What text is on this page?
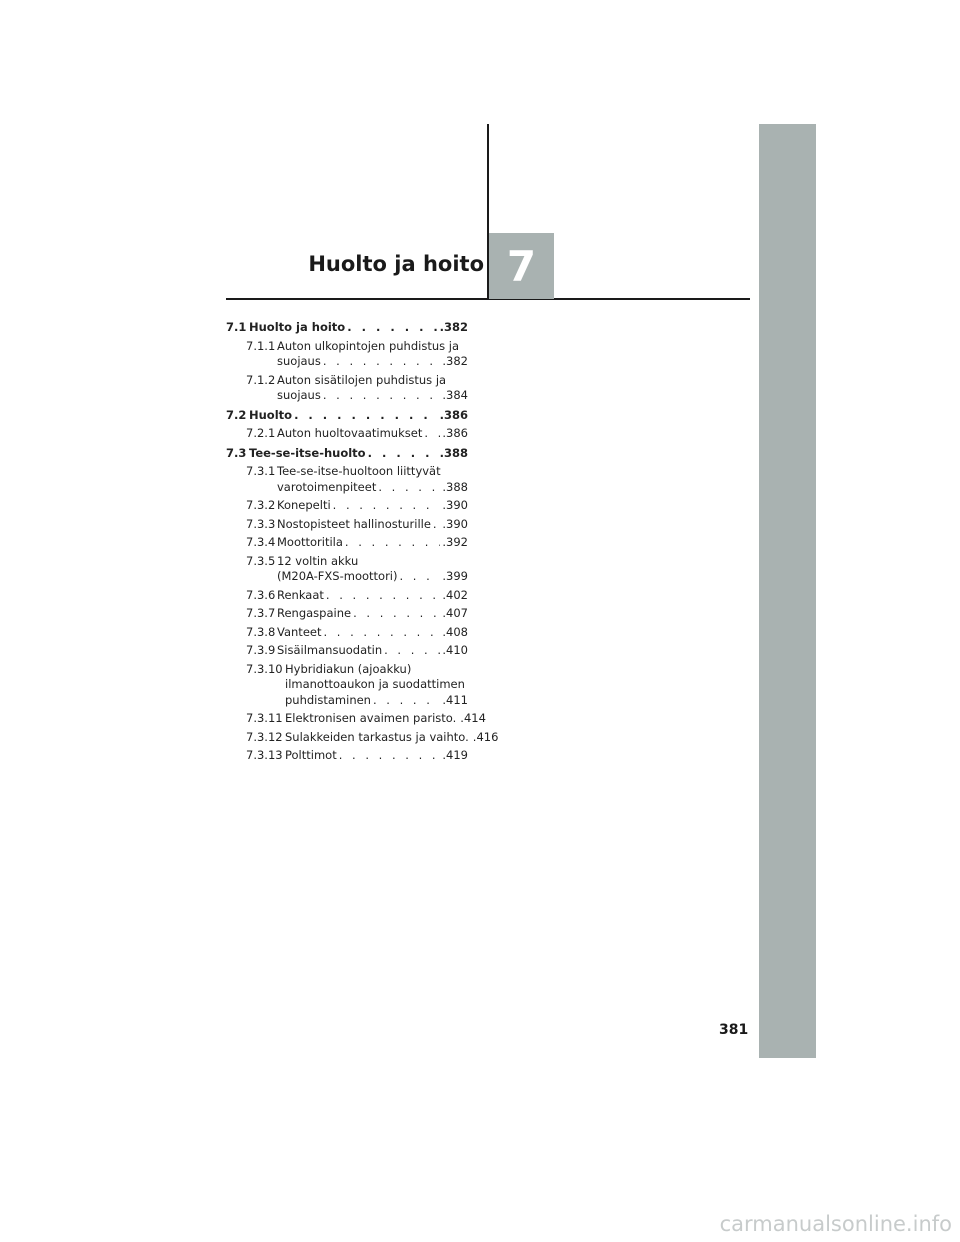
Huolto ja hoito 7
7.1 Huolto ja hoito . . .	.382
7.1.1 Auton ulkopintojen puhdistus ja
suojaus . . .	.382
7.1.2 Auton sisätilojen puhdistus ja
suojaus . . .	.384
7.2 Huolto . . .	.386
7.2.1 Auton huoltovaatimukset . . . .386
7.3 Tee-se-itse-huolto . . .	.388
7.3.1 Tee-se-itse-huoltoon liittyvät
varotoimenpiteet . . .	.388
7.3.2 Konepelti . . .	.390
7.3.3 Nostopisteet hallinosturille . . . .390
7.3.4 Moottoritila . . .	.392
7.3.5 12 voltin akku
(M20A-FXS-moottori) . . .	.399
7.3.6 Renkaat . . .	.402
7.3.7 Rengaspaine . . .	.407
7.3.8 Vanteet . . .	.408
7.3.9 Sisäilmansuodatin . . .	.410
7.3.10 Hybridiakun (ajoakku)
ilmanottoaukon ja suodattimen
puhdistaminen . . .	.411
7.3.11 Elektronisen avaimen paristo. .414
7.3.12 Sulakkeiden tarkastus ja vaihto. .416
7.3.13 Polttimot . . .	.419
381
carmanualsonline.info
